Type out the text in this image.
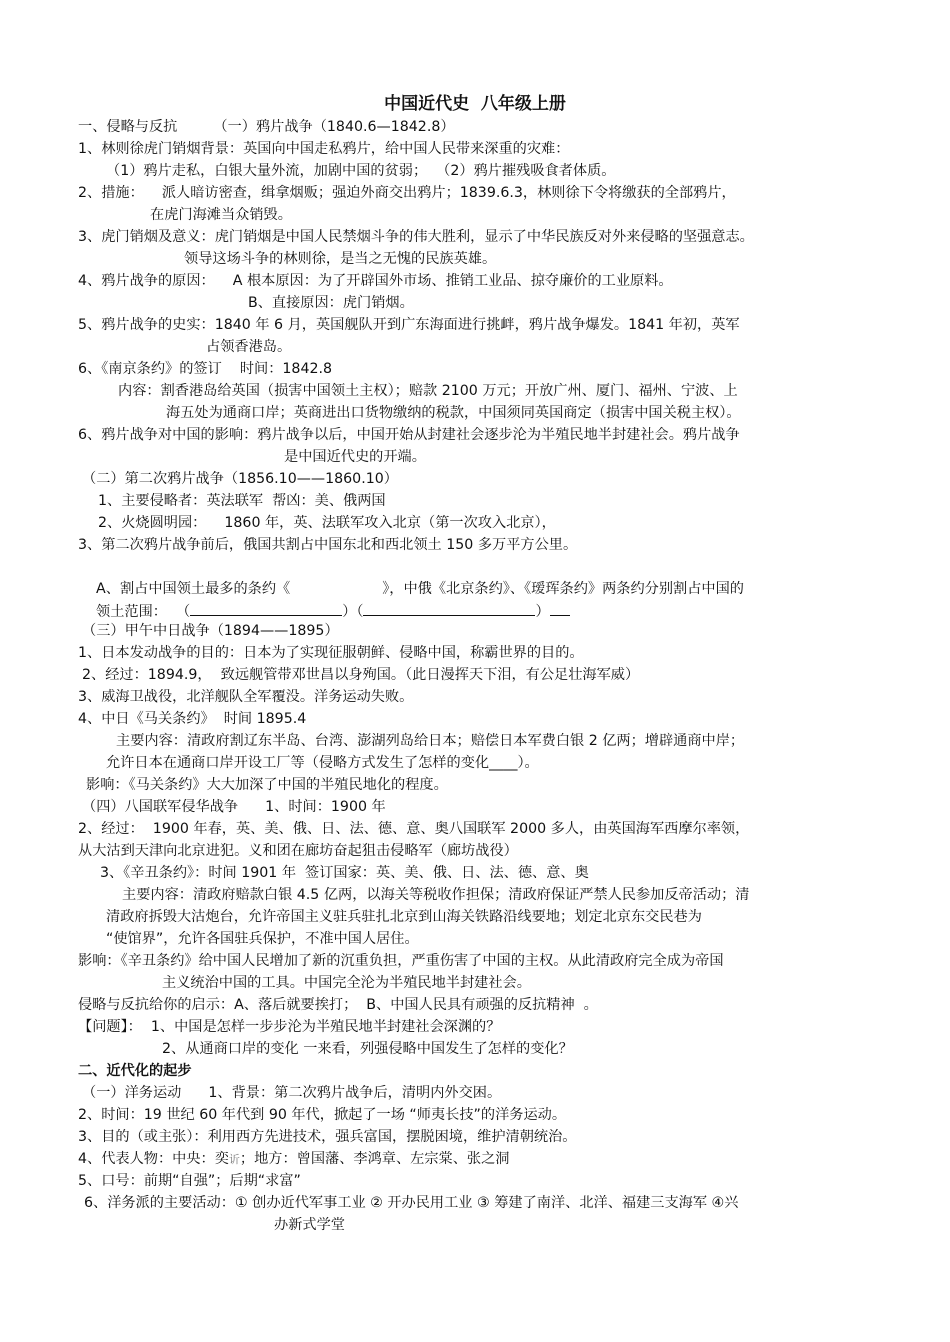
中国近代史  八年级上册
一、侵略与反抗        （一）鸦片战争（1840.6—1842.8）
1、林则徐虎门销烟背景：英国向中国走私鸦片，给中国人民带来深重的灾难：
（1）鸦片走私，白银大量外流，加剧中国的贫弱；  （2）鸦片摧残吸食者体质。
2、措施：    派人暗访密查，缉拿烟贩；强迫外商交出鸦片；1839.6.3，林则徐下令将缴获的全部鸦片，
在虎门海滩当众销毁。
3、虎门销烟及意义：虎门销烟是中国人民禁烟斗争的伟大胜利，显示了中华民族反对外来侵略的坚强意志。
领导这场斗争的林则徐，是当之无愧的民族英雄。
4、鸦片战争的原因：    A 根本原因：为了开辟国外市场、推销工业品、掠夺廉价的工业原料。
B、直接原因：虎门销烟。
5、鸦片战争的史实：1840 年 6 月，英国舰队开到广东海面进行挑衅，鸦片战争爆发。1841 年初，英军
占领香港岛。
6、《南京条约》的签订    时间：1842.8
内容：割香港岛给英国（损害中国领土主权）；赔款 2100 万元；开放广州、厦门、福州、宁波、上
海五处为通商口岸；英商进出口货物缴纳的税款，中国须同英国商定（损害中国关税主权）。
6、鸦片战争对中国的影响：鸦片战争以后，中国开始从封建社会逐步沦为半殖民地半封建社会。鸦片战争
是中国近代史的开端。
（二）第二次鸦片战争（1856.10——1860.10）
1、主要侵略者：英法联军  帮凶：美、俄两国
2、火烧圆明园：    1860 年，英、法联军攻入北京（第一次攻入北京），
3、第二次鸦片战争前后，俄国共割占中国东北和西北领土 150 多万平方公里。

A、割占中国领土最多的条约《	》，中俄《北京条约》、《瑷珲条约》两条约分别割占中国的

领土范围：  （	）（	）

（三）甲午中日战争（1894——1895）
1、日本发动战争的目的：日本为了实现征服朝鲜、侵略中国，称霸世界的目的。
2、经过：1894.9，  致远舰管带邓世昌以身殉国。（此日漫挥天下泪，有公足壮海军威）
3、威海卫战役，北洋舰队全军覆没。洋务运动失败。
4、中日《马关条约》  时间 1895.4
主要内容：清政府割辽东半岛、台湾、澎湖列岛给日本；赔偿日本军费白银 2 亿两；增辟通商中岸；
允许日本在通商口岸开设工厂等（侵略方式发生了怎样的变化____）。
影响：《马关条约》大大加深了中国的半殖民地化的程度。
（四）八国联军侵华战争      1、时间：1900 年
2、经过：  1900 年春，英、美、俄、日、法、德、意、奥八国联军 2000 多人，由英国海军西摩尔率领，
从大沽到天津向北京进犯。义和团在廊坊奋起狙击侵略军（廊坊战役）
3、《辛丑条约》：时间 1901 年  签订国家：英、美、俄、日、法、德、意、奥
主要内容：清政府赔款白银 4.5 亿两，以海关等税收作担保；清政府保证严禁人民参加反帝活动；清
清政府拆毁大沽炮台，允许帝国主义驻兵驻扎北京到山海关铁路沿线要地；划定北京东交民巷为
“使馆界”，允许各国驻兵保护，不准中国人居住。
影响：《辛丑条约》给中国人民增加了新的沉重负担，严重伤害了中国的主权。从此清政府完全成为帝国
主义统治中国的工具。中国完全沦为半殖民地半封建社会。
侵略与反抗给你的启示：A、落后就要挨打；  B、中国人民具有顽强的反抗精神  。
【问题】：  1、中国是怎样一步步沦为半殖民地半封建社会深渊的？
2、从通商口岸的变化 一来看，列强侵略中国发生了怎样的变化？
二、近代化的起步
（一）洋务运动      1、背景：第二次鸦片战争后，清明内外交困。
2、时间：19 世纪 60 年代到 90 年代，掀起了一场 “师夷长技”的洋务运动。
3、目的（或主张）：利用西方先进技术，强兵富国，摆脱困境，维护清朝统治。
4、代表人物：中央：奕䜣；地方：曾国藩、李鸿章、左宗棠、张之洞
5、口号：前期“自强”；后期“求富”
6、洋务派的主要活动：① 创办近代军事工业 ② 开办民用工业 ③ 筹建了南洋、北洋、福建三支海军 ④兴
办新式学堂
